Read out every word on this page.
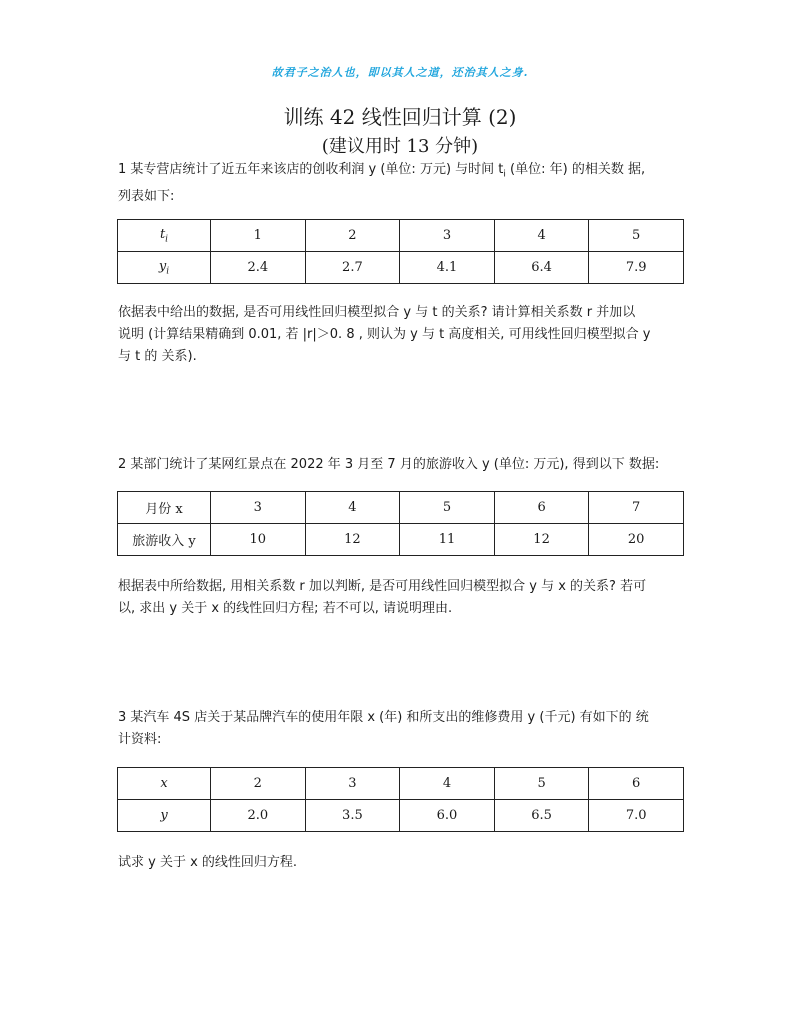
故君子之治人也，即以其人之道，还治其人之身.
训练 42 线性回归计算 (2)
(建议用时 13 分钟)
1 某专营店统计了近五年来该店的创收利润 y (单位: 万元) 与时间 $t_i$ (单位: 年) 的相关数 据,
列表如下:
$t_i$	1	2	3	4	5
$y_i$	2.4	2.7	4.1	6.4	7.9
依据表中给出的数据, 是否可用线性回归模型拟合 y 与 t 的关系? 请计算相关系数 r 并加以
说明 (计算结果精确到 0.01, 若 |r|＞0. 8 , 则认为 y 与 t 高度相关, 可用线性回归模型拟合 y
与 t 的 关系).
2 某部门统计了某网红景点在 2022 年 3 月至 7 月的旅游收入 y (单位: 万元), 得到以下 数据:
月份 x	3	4	5	6	7
旅游收入 y	10	12	11	12	20
根据表中所给数据, 用相关系数 r 加以判断, 是否可用线性回归模型拟合 y 与 x 的关系? 若可
以, 求出 y 关于 x 的线性回归方程; 若不可以, 请说明理由.
3 某汽车 4S 店关于某品牌汽车的使用年限 x (年) 和所支出的维修费用 y (千元) 有如下的 统
计资料:
x	2	3	4	5	6
y	2.0	3.5	6.0	6.5	7.0
试求 y 关于 x 的线性回归方程.
